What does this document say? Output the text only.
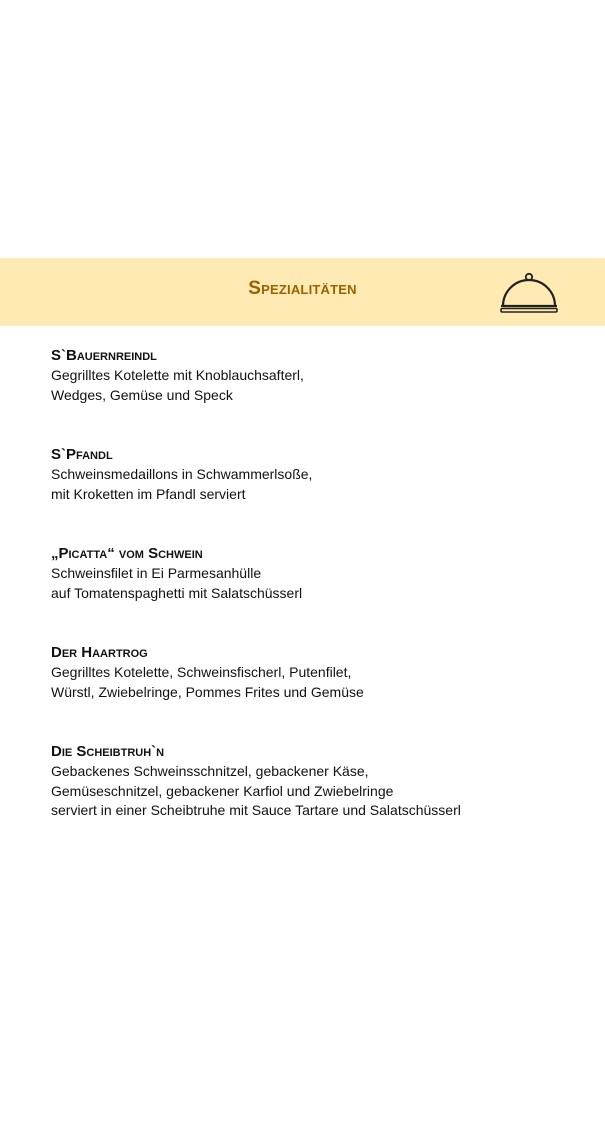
Spezialitäten

S`Bauernreindl

Gegrilltes Kotelette mit Knoblauchsafterl,

Wedges, Gemüse und Speck

S`Pfandl

Schweinsmedaillons in Schwammerlsoße,

mit Kroketten im Pfandl serviert

„Picatta“ vom Schwein

Schweinsfilet in Ei Parmesanhülle

auf Tomatenspaghetti mit Salatschüsserl

Der Haartrog

Gegrilltes Kotelette, Schweinsfischerl, Putenfilet,

Würstl, Zwiebelringe, Pommes Frites und Gemüse

Die Scheibtruh`n

Gebackenes Schweinsschnitzel, gebackener Käse,

Gemüseschnitzel, gebackener Karfiol und Zwiebelringe

serviert in einer Scheibtruhe mit Sauce Tartare und Salatschüsserl
